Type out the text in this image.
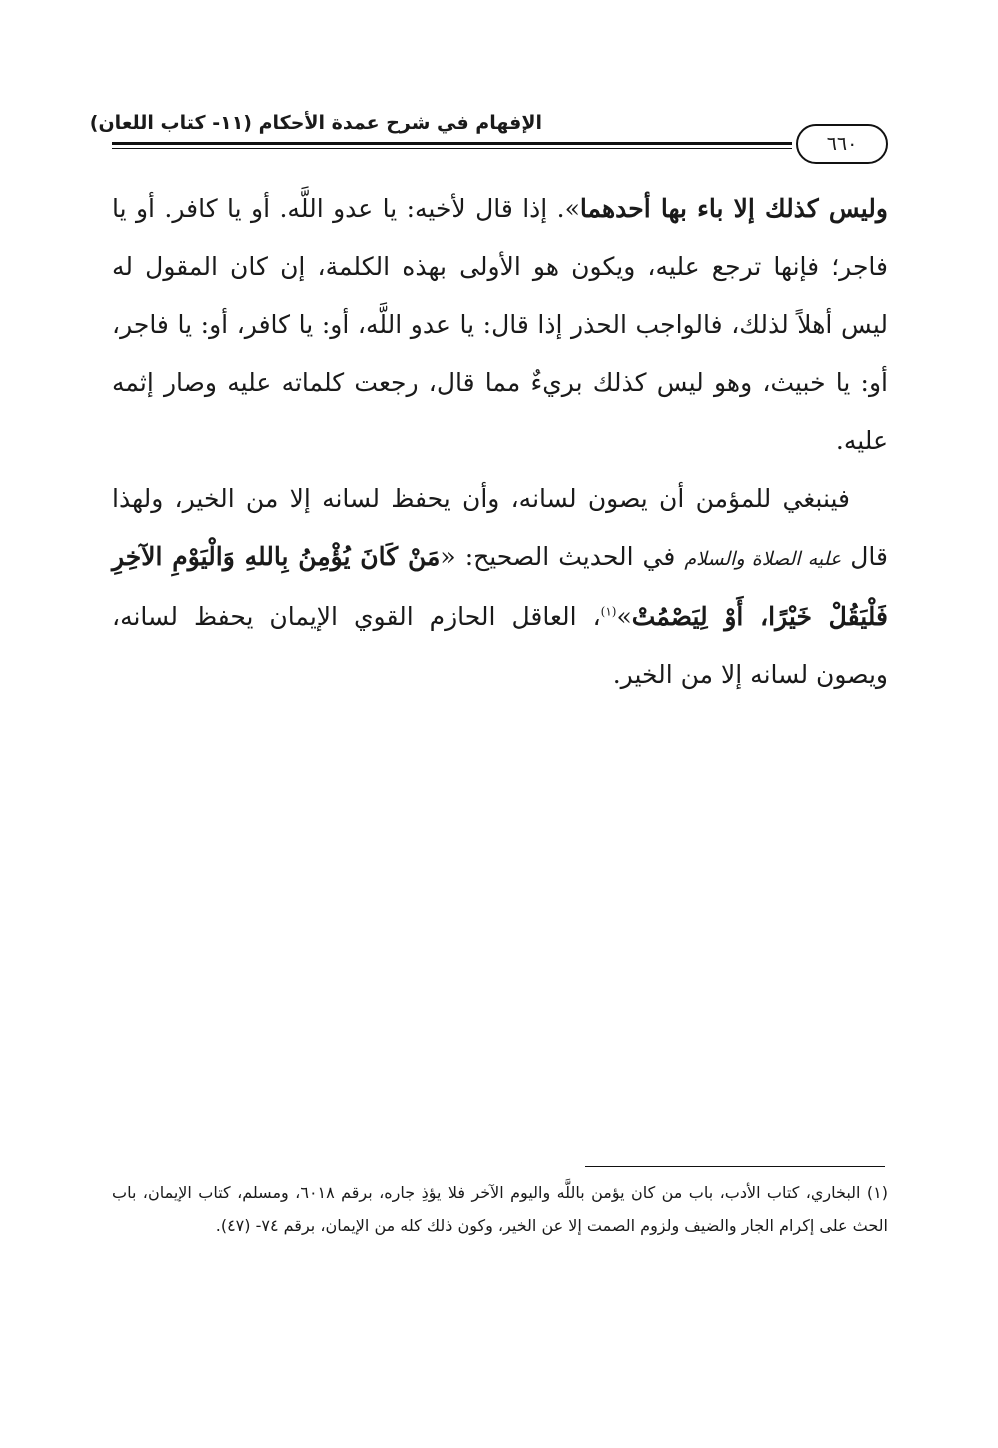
الإفهام في شرح عمدة الأحكام (١١- كتاب اللعان)
٦٦٠

وليس كذلك إلا باء بها أحدهما». إذا قال لأخيه: يا عدو اللَّه. أو يا كافر. أو يا فاجر؛ فإنها ترجع عليه، ويكون هو الأولى بهذه الكلمة، إن كان المقول له ليس أهلاً لذلك، فالواجب الحذر إذا قال: يا عدو اللَّه، أو: يا كافر، أو: يا فاجر، أو: يا خبيث، وهو ليس كذلك بريءٌ مما قال، رجعت كلماته عليه وصار إثمه عليه.

فينبغي للمؤمن أن يصون لسانه، وأن يحفظ لسانه إلا من الخير، ولهذا قال عليه الصلاة والسلام في الحديث الصحيح: «مَنْ كَانَ يُؤْمِنُ بِاللهِ وَالْيَوْمِ الآخِرِ فَلْيَقُلْ خَيْرًا، أَوْ لِيَصْمُتْ»$^{(١)}$، العاقل الحازم القوي الإيمان يحفظ لسانه، ويصون لسانه إلا من الخير.

(١) البخاري، كتاب الأدب، باب من كان يؤمن باللَّه واليوم الآخر فلا يؤذِ جاره، برقم ٦٠١٨، ومسلم، كتاب الإيمان، باب الحث على إكرام الجار والضيف ولزوم الصمت إلا عن الخير، وكون ذلك كله من الإيمان، برقم ٧٤- (٤٧).
